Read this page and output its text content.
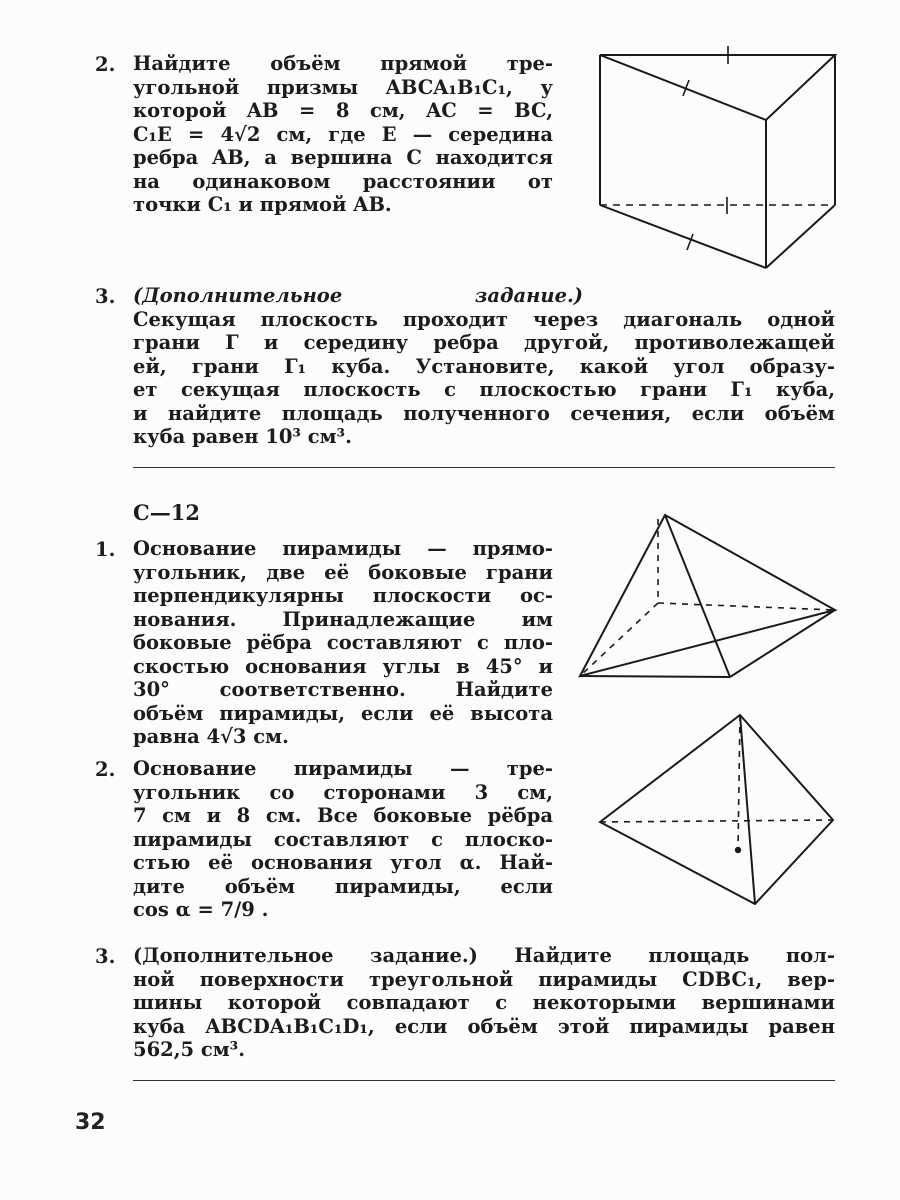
2. Найдите объём прямой тре-
угольной призмы ABCA₁B₁C₁, у
которой AB = 8 см, AC = BC,
C₁E = 4√2 см, где E — середина
ребра AB, а вершина C находится
на одинаковом расстоянии от
точки C₁ и прямой AB.
3. (Дополнительное задание.)
Секущая плоскость проходит через диагональ одной
грани Г и середину ребра другой, противолежащей
ей, грани Г₁ куба. Установите, какой угол образу-
ет секущая плоскость с плоскостью грани Г₁ куба,
и найдите площадь полученного сечения, если объём
куба равен 10³ см³.
С—12
1. Основание пирамиды — прямо-
угольник, две её боковые грани
перпендикулярны плоскости ос-
нования. Принадлежащие им
боковые рёбра составляют с пло-
скостью основания углы в 45° и
30° соответственно. Найдите
объём пирамиды, если её высота
равна 4√3 см.
2. Основание пирамиды — тре-
угольник со сторонами 3 см,
7 см и 8 см. Все боковые рёбра
пирамиды составляют с плоско-
стью её основания угол α. Най-
дите объём пирамиды, если
cos α = 7/9 .
3. (Дополнительное задание.) Найдите площадь пол-
ной поверхности треугольной пирамиды CDBC₁, вер-
шины которой совпадают с некоторыми вершинами
куба ABCDA₁B₁C₁D₁, если объём этой пирамиды равен
562,5 см³.
32
